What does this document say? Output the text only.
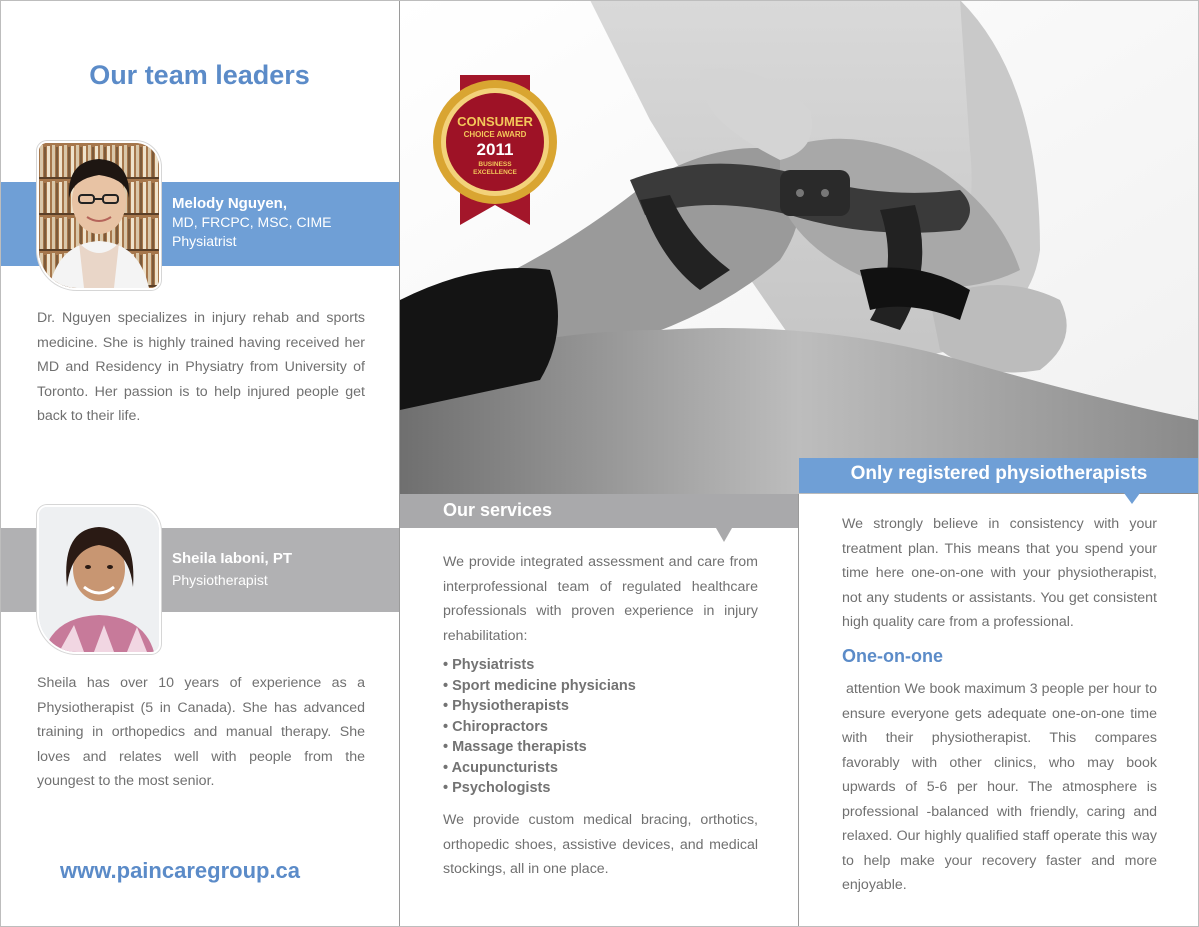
Our team leaders
Melody Nguyen,
MD, FRCPC, MSC, CIME
Physiatrist
Dr. Nguyen specializes in injury rehab and sports medicine. She is highly trained having received her MD and Residency in Physiatry from University of Toronto. Her passion is to help injured people get back to their life.
Sheila Iaboni, PT
Physiotherapist
Sheila has over 10 years of experience as a Physiotherapist (5 in Canada). She has advanced training in orthopedics and manual therapy. She loves and relates well with people from the youngest to the most senior.
www.paincaregroup.ca
CONSUMER
CHOICE AWARD
2011
BUSINESS
EXCELLENCE
Our services
We provide integrated assessment and care from interprofessional team of regulated healthcare professionals with proven experience in injury rehabilitation:
• Physiatrists
• Sport medicine physicians
• Physiotherapists
• Chiropractors
• Massage therapists
• Acupuncturists
• Psychologists
We provide custom medical bracing, orthotics, orthopedic shoes, assistive devices, and medical stockings, all in one place.
Only registered physiotherapists
We strongly believe in consistency with your treatment plan. This means that you spend your time here one-on-one with your physiotherapist, not any students or assistants. You get consistent high quality care from a professional.
One-on-one
attention We book maximum 3 people per hour to ensure everyone gets adequate one-on-one time with their physiotherapist. This compares favorably with other clinics, who may book upwards of 5-6 per hour. The atmosphere is professional -balanced with friendly, caring and relaxed. Our highly qualified staff operate this way to help make your recovery faster and more enjoyable.
